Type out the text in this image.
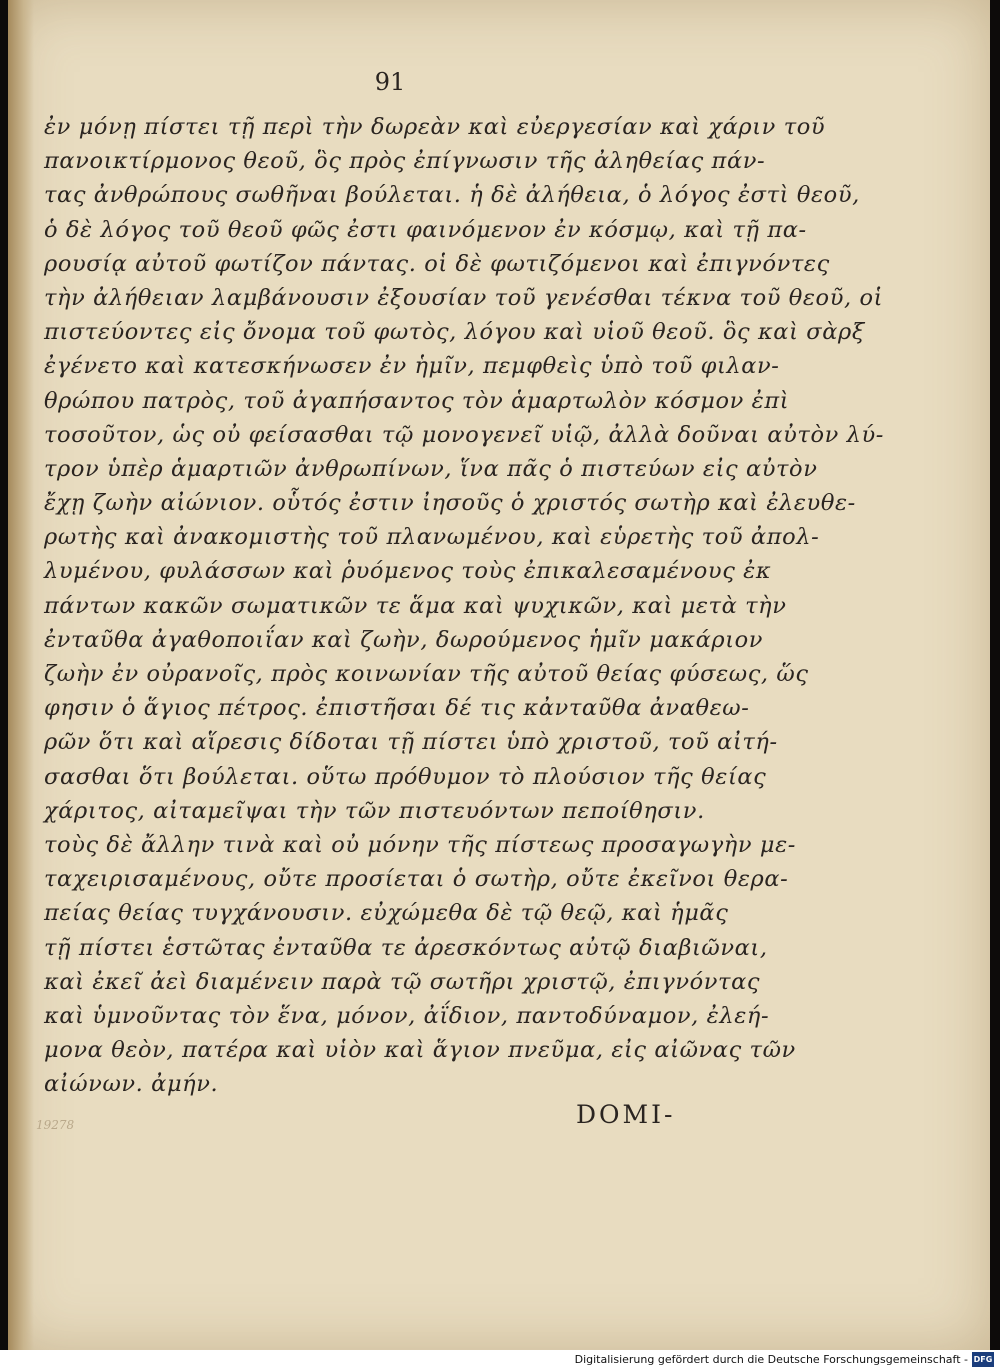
91
ἐν μόνῃ πίστει τῇ περὶ τὴν δωρεὰν καὶ εὐεργεσίαν καὶ χάριν τοῦ
πανοικτίρμονος θεοῦ, ὃς πρὸς ἐπίγνωσιν τῆς ἀληθείας πάν-
τας ἀνθρώπους σωθῆναι βούλεται. ἡ δὲ ἀλήθεια, ὁ λόγος ἐστὶ θεοῦ,
ὁ δὲ λόγος τοῦ θεοῦ φῶς ἐστι φαινόμενον ἐν κόσμῳ, καὶ τῇ πα-
ρουσίᾳ αὐτοῦ φωτίζον πάντας. οἱ δὲ φωτιζόμενοι καὶ ἐπιγνόντες
τὴν ἀλήθειαν λαμβάνουσιν ἐξουσίαν τοῦ γενέσθαι τέκνα τοῦ θεοῦ, οἱ
πιστεύοντες εἰς ὄνομα τοῦ φωτὸς, λόγου καὶ υἱοῦ θεοῦ. ὃς καὶ σὰρξ
ἐγένετο καὶ κατεσκήνωσεν ἐν ἡμῖν, πεμφθεὶς ὑπὸ τοῦ φιλαν-
θρώπου πατρὸς, τοῦ ἀγαπήσαντος τὸν ἁμαρτωλὸν κόσμον ἐπὶ
τοσοῦτον, ὡς οὐ φείσασθαι τῷ μονογενεῖ υἱῷ, ἀλλὰ δοῦναι αὐτὸν λύ-
τρον ὑπὲρ ἁμαρτιῶν ἀνθρωπίνων, ἵνα πᾶς ὁ πιστεύων εἰς αὐτὸν
ἔχῃ ζωὴν αἰώνιον. οὗτός ἐστιν ἰησοῦς ὁ χριστός σωτὴρ καὶ ἐλευθε-
ρωτὴς καὶ ἀνακομιστὴς τοῦ πλανωμένου, καὶ εὑρετὴς τοῦ ἀπολ-
λυμένου, φυλάσσων καὶ ῥυόμενος τοὺς ἐπικαλεσαμένους ἐκ
πάντων κακῶν σωματικῶν τε ἅμα καὶ ψυχικῶν, καὶ μετὰ τὴν
ἐνταῦθα ἀγαθοποιΐαν καὶ ζωὴν, δωρούμενος ἡμῖν μακάριον
ζωὴν ἐν οὐρανοῖς, πρὸς κοινωνίαν τῆς αὐτοῦ θείας φύσεως, ὥς
φησιν ὁ ἅγιος πέτρος. ἐπιστῆσαι δέ τις κἀνταῦθα ἀναθεω-
ρῶν ὅτι καὶ αἵρεσις δίδοται τῇ πίστει ὑπὸ χριστοῦ, τοῦ αἰτή-
σασθαι ὅτι βούλεται. οὕτω πρόθυμον τὸ πλούσιον τῆς θείας
χάριτος, αἰταμεῖψαι τὴν τῶν πιστευόντων πεποίθησιν.
τοὺς δὲ ἄλλην τινὰ καὶ οὐ μόνην τῆς πίστεως προσαγωγὴν με-
ταχειρισαμένους, οὔτε προσίεται ὁ σωτὴρ, οὔτε ἐκεῖνοι θερα-
πείας θείας τυγχάνουσιν. εὐχώμεθα δὲ τῷ θεῷ, καὶ ἡμᾶς
τῇ πίστει ἑστῶτας ἐνταῦθα τε ἀρεσκόντως αὐτῷ διαβιῶναι,
καὶ ἐκεῖ ἀεὶ διαμένειν παρὰ τῷ σωτῆρι χριστῷ, ἐπιγνόντας
καὶ ὑμνοῦντας τὸν ἕνα, μόνον, ἀΐδιον, παντοδύναμον, ἐλεή-
μονα θεὸν, πατέρα καὶ υἱὸν καὶ ἅγιον πνεῦμα, εἰς αἰῶνας τῶν
αἰώνων. ἀμήν.
19278	DOMI-
Digitalisierung gefördert durch die Deutsche Forschungsgemeinschaft - DFG
